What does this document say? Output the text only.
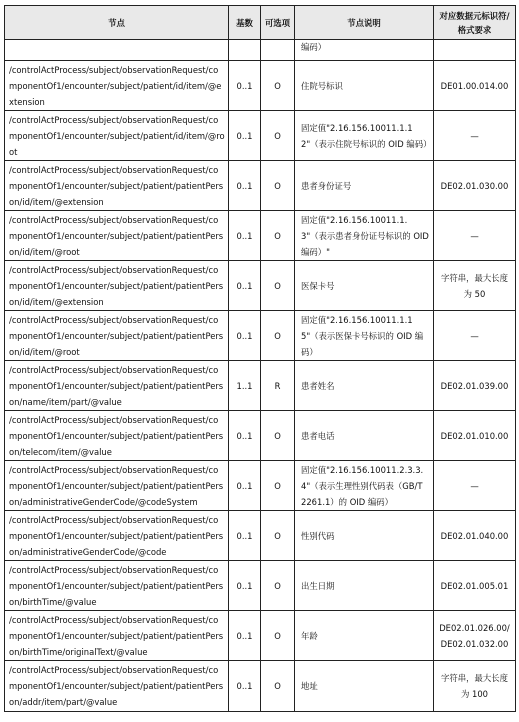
节点	基数	可选项	节点说明	对应数据元标识符/格式要求
			编码）	
/controlActProcess/subject/observationRequest/componentOf1/encounter/subject/patient/id/item/@extension	0..1	O	住院号标识	DE01.00.014.00
/controlActProcess/subject/observationRequest/componentOf1/encounter/subject/patient/id/item/@root	0..1	O	固定值"2.16.156.10011.1.12"（表示住院号标识的 OID 编码）	—
/controlActProcess/subject/observationRequest/componentOf1/encounter/subject/patient/patientPerson/id/item/@extension	0..1	O	患者身份证号	DE02.01.030.00
/controlActProcess/subject/observationRequest/componentOf1/encounter/subject/patient/patientPerson/id/item/@root	0..1	O	固定值"2.16.156.10011.1.3"（表示患者身份证号标识的 OID 编码）"	—
/controlActProcess/subject/observationRequest/componentOf1/encounter/subject/patient/patientPerson/id/item/@extension	0..1	O	医保卡号	字符串，最大长度为 50
/controlActProcess/subject/observationRequest/componentOf1/encounter/subject/patient/patientPerson/id/item/@root	0..1	O	固定值"2.16.156.10011.1.15"（表示医保卡号标识的 OID 编码）	—
/controlActProcess/subject/observationRequest/componentOf1/encounter/subject/patient/patientPerson/name/item/part/@value	1..1	R	患者姓名	DE02.01.039.00
/controlActProcess/subject/observationRequest/componentOf1/encounter/subject/patient/patientPerson/telecom/item/@value	0..1	O	患者电话	DE02.01.010.00
/controlActProcess/subject/observationRequest/componentOf1/encounter/subject/patient/patientPerson/administrativeGenderCode/@codeSystem	0..1	O	固定值"2.16.156.10011.2.3.3.4"（表示生理性别代码表（GB/T 2261.1）的 OID 编码）	—
/controlActProcess/subject/observationRequest/componentOf1/encounter/subject/patient/patientPerson/administrativeGenderCode/@code	0..1	O	性别代码	DE02.01.040.00
/controlActProcess/subject/observationRequest/componentOf1/encounter/subject/patient/patientPerson/birthTime/@value	0..1	O	出生日期	DE02.01.005.01
/controlActProcess/subject/observationRequest/componentOf1/encounter/subject/patient/patientPerson/birthTime/originalText/@value	0..1	O	年龄	DE02.01.026.00/DE02.01.032.00
/controlActProcess/subject/observationRequest/componentOf1/encounter/subject/patient/patientPerson/addr/item/part/@value	0..1	O	地址	字符串，最大长度为 100
